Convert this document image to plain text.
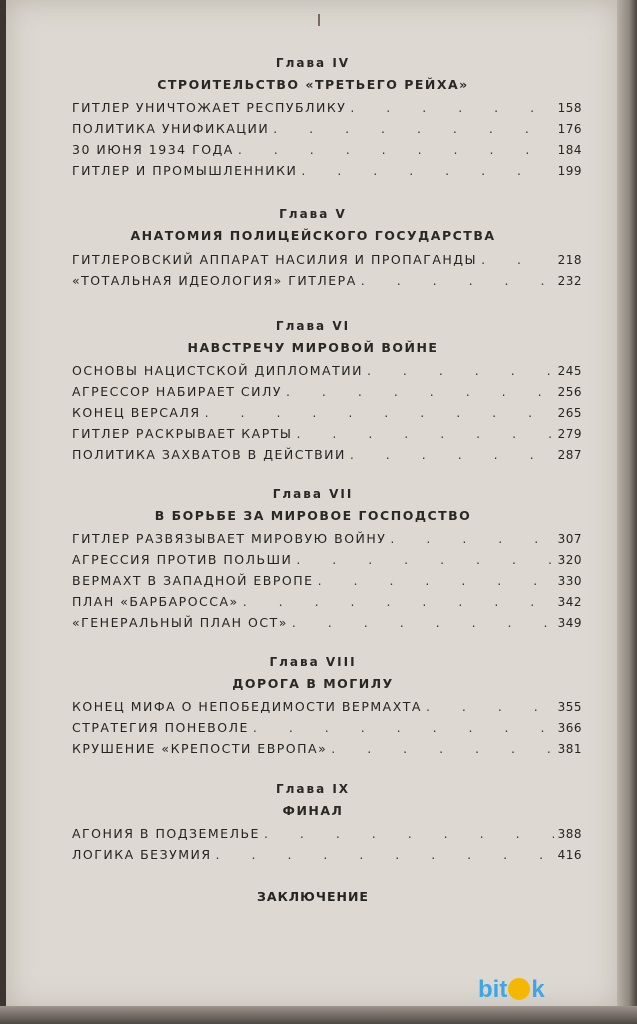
Глава IV
СТРОИТЕЛЬСТВО «ТРЕТЬЕГО РЕЙХА»
ГИТЛЕР УНИЧТОЖАЕТ РЕСПУБЛИКУ . . .	158
ПОЛИТИКА УНИФИКАЦИИ . . .	176
30 ИЮНЯ 1934 ГОДА . . .	184
ГИТЛЕР И ПРОМЫШЛЕННИКИ . . .	199
Глава V
АНАТОМИЯ ПОЛИЦЕЙСКОГО ГОСУДАРСТВА
ГИТЛЕРОВСКИЙ АППАРАТ НАСИЛИЯ И ПРОПАГАНДЫ . . .	218
«ТОТАЛЬНАЯ ИДЕОЛОГИЯ» ГИТЛЕРА . . .	232
Глава VI
НАВСТРЕЧУ МИРОВОЙ ВОЙНЕ
ОСНОВЫ НАЦИСТСКОЙ ДИПЛОМАТИИ . . .	245
АГРЕССОР НАБИРАЕТ СИЛУ . . .	256
КОНЕЦ ВЕРСАЛЯ . . .	265
ГИТЛЕР РАСКРЫВАЕТ КАРТЫ . . .	279
ПОЛИТИКА ЗАХВАТОВ В ДЕЙСТВИИ . . .	287
Глава VII
В БОРЬБЕ ЗА МИРОВОЕ ГОСПОДСТВО
ГИТЛЕР РАЗВЯЗЫВАЕТ МИРОВУЮ ВОЙНУ . . .	307
АГРЕССИЯ ПРОТИВ ПОЛЬШИ . . .	320
ВЕРМАХТ В ЗАПАДНОЙ ЕВРОПЕ . . .	330
ПЛАН «БАРБАРОССА» . . .	342
«ГЕНЕРАЛЬНЫЙ ПЛАН ОСТ» . . .	349
Глава VIII
ДОРОГА В МОГИЛУ
КОНЕЦ МИФА О НЕПОБЕДИМОСТИ ВЕРМАХТА . . .	355
СТРАТЕГИЯ ПОНЕВОЛЕ . . .	366
КРУШЕНИЕ «КРЕПОСТИ ЕВРОПА» . . .	381
Глава IX
ФИНАЛ
АГОНИЯ В ПОДЗЕМЕЛЬЕ . . .	388
ЛОГИКА БЕЗУМИЯ . . .	416
ЗАКЛЮЧЕНИЕ
bit k
